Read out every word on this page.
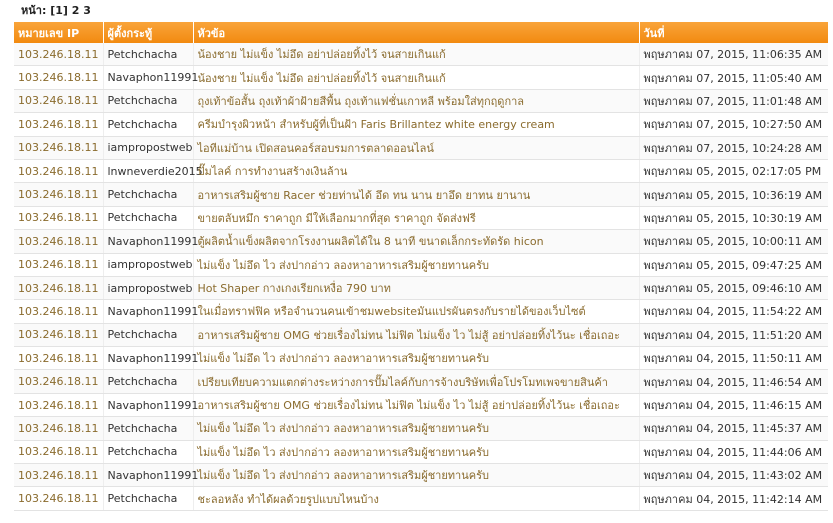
หน้า: [1] 2 3
หมายเลข IP	ผู้ตั้งกระทู้	หัวข้อ	วันที่
103.246.18.11	Petchchacha	น้องชาย ไม่แข็ง ไม่อึด อย่าปล่อยทิ้งไว้ จนสายเกินแก้	พฤษภาคม 07, 2015, 11:06:35 AM
103.246.18.11	Navaphon11991	น้องชาย ไม่แข็ง ไม่อึด อย่าปล่อยทิ้งไว้ จนสายเกินแก้	พฤษภาคม 07, 2015, 11:05:40 AM
103.246.18.11	Petchchacha	ถุงเท้าข้อสั้น ถุงเท้าผ้าฝ้ายสีพื้น ถุงเท้าแฟชั่นเกาหลี พร้อมใส่ทุกฤดูกาล	พฤษภาคม 07, 2015, 11:01:48 AM
103.246.18.11	Petchchacha	ครีมบำรุงผิวหน้า สำหรับผู้ที่เป็นฝ้า Faris Brillantez white energy cream	พฤษภาคม 07, 2015, 10:27:50 AM
103.246.18.11	iampropostweb	ไอทีแม่บ้าน เปิดสอนคอร์สอบรมการตลาดออนไลน์	พฤษภาคม 07, 2015, 10:24:28 AM
103.246.18.11	lnwneverdie2015	ปั๊มไลค์ การทำงานสร้างเงินล้าน	พฤษภาคม 05, 2015, 02:17:05 PM
103.246.18.11	Petchchacha	อาหารเสริมผู้ชาย Racer ช่วยท่านได้ อึด ทน นาน ยาอึด ยาทน ยานาน	พฤษภาคม 05, 2015, 10:36:19 AM
103.246.18.11	Petchchacha	ขายตลับหมึก ราคาถูก มีให้เลือกมากที่สุด ราคาถูก จัดส่งฟรี	พฤษภาคม 05, 2015, 10:30:19 AM
103.246.18.11	Navaphon11991	ตู้ผลิตน้ำแข็งผลิตจากโรงงานผลิตได้ใน 8 นาที ขนาดเล็กกระทัดรัด hicon	พฤษภาคม 05, 2015, 10:00:11 AM
103.246.18.11	iampropostweb	ไม่แข็ง ไม่อึด ไว ส่งปากอ่าว ลองหาอาหารเสริมผู้ชายทานครับ	พฤษภาคม 05, 2015, 09:47:25 AM
103.246.18.11	iampropostweb	Hot Shaper กางเกงเรียกเหงื่อ 790 บาท	พฤษภาคม 05, 2015, 09:46:10 AM
103.246.18.11	Navaphon11991	ในเมื่อทราฟฟิค หรือจำนวนคนเข้าชมwebsiteมันแปรผันตรงกับรายได้ของเว็บไซต์	พฤษภาคม 04, 2015, 11:54:22 AM
103.246.18.11	Petchchacha	อาหารเสริมผู้ชาย OMG ช่วยเรื่องไม่ทน ไม่ฟิต ไม่แข็ง ไว ไม่สู้ อย่าปล่อยทิ้งไว้นะ เชื่อเถอะ	พฤษภาคม 04, 2015, 11:51:20 AM
103.246.18.11	Navaphon11991	ไม่แข็ง ไม่อึด ไว ส่งปากอ่าว ลองหาอาหารเสริมผู้ชายทานครับ	พฤษภาคม 04, 2015, 11:50:11 AM
103.246.18.11	Petchchacha	เปรียบเทียบความแตกต่างระหว่างการปั๊มไลค์กับการจ้างบริษัทเพื่อโปรโมทเพจขายสินค้า	พฤษภาคม 04, 2015, 11:46:54 AM
103.246.18.11	Navaphon11991	อาหารเสริมผู้ชาย OMG ช่วยเรื่องไม่ทน ไม่ฟิต ไม่แข็ง ไว ไม่สู้ อย่าปล่อยทิ้งไว้นะ เชื่อเถอะ	พฤษภาคม 04, 2015, 11:46:15 AM
103.246.18.11	Petchchacha	ไม่แข็ง ไม่อึด ไว ส่งปากอ่าว ลองหาอาหารเสริมผู้ชายทานครับ	พฤษภาคม 04, 2015, 11:45:37 AM
103.246.18.11	Petchchacha	ไม่แข็ง ไม่อึด ไว ส่งปากอ่าว ลองหาอาหารเสริมผู้ชายทานครับ	พฤษภาคม 04, 2015, 11:44:06 AM
103.246.18.11	Navaphon11991	ไม่แข็ง ไม่อึด ไว ส่งปากอ่าว ลองหาอาหารเสริมผู้ชายทานครับ	พฤษภาคม 04, 2015, 11:43:02 AM
103.246.18.11	Petchchacha	ชะลอหลัง ทำได้ผลด้วยรูปแบบไหนบ้าง	พฤษภาคม 04, 2015, 11:42:14 AM
